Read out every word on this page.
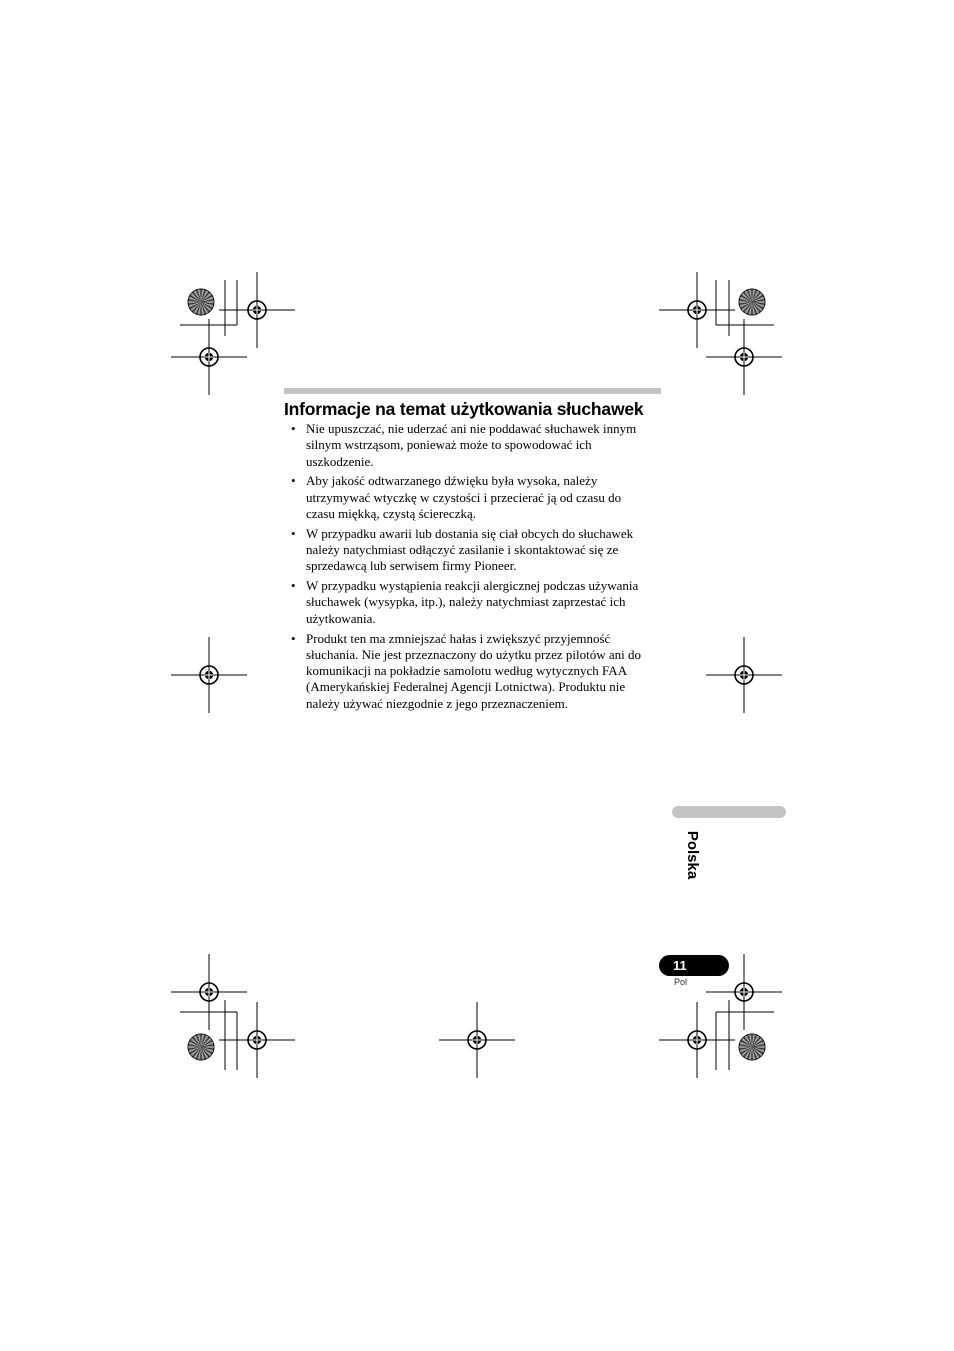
Informacje na temat użytkowania słuchawek
• Nie upuszczać, nie uderzać ani nie poddawać słuchawek innym
silnym wstrząsom, ponieważ może to spowodować ich
uszkodzenie.
• Aby jakość odtwarzanego dźwięku była wysoka, należy
utrzymywać wtyczkę w czystości i przecierać ją od czasu do
czasu miękką, czystą ściereczką.
• W przypadku awarii lub dostania się ciał obcych do słuchawek
należy natychmiast odłączyć zasilanie i skontaktować się ze
sprzedawcą lub serwisem firmy Pioneer.
• W przypadku wystąpienia reakcji alergicznej podczas używania
słuchawek (wysypka, itp.), należy natychmiast zaprzestać ich
użytkowania.
• Produkt ten ma zmniejszać hałas i zwiększyć przyjemność
słuchania. Nie jest przeznaczony do użytku przez pilotów ani do
komunikacji na pokładzie samolotu według wytycznych FAA
(Amerykańskiej Federalnej Agencji Lotnictwa). Produktu nie
należy używać niezgodnie z jego przeznaczeniem.
Polska
11
Pol
